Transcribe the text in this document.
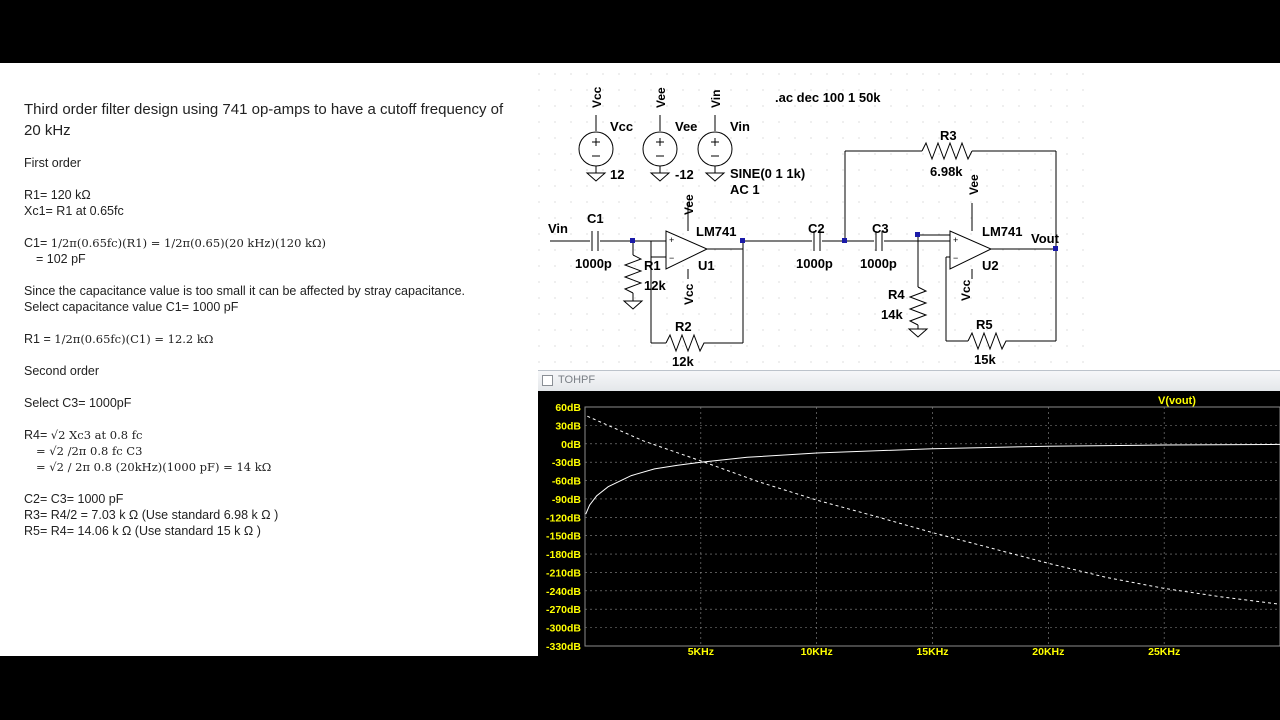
Third order filter design using 741 op-amps to have a cutoff frequency of 20 kHz
First order
R1= 120 kΩ
Xc1= R1 at 0.65fc
C1= 1/2π(0.65fc)(R1) = 1/2π(0.65)(20 kHz)(120 kΩ)
= 102 pF
Since the capacitance value is too small it can be affected by stray capacitance.
Select capacitance value C1= 1000 pF
R1 = 1/2π(0.65fc)(C1) = 12.2 kΩ
Second order
Select C3= 1000pF
R4= √2 Xc3 at 0.8 fc
= √2 /2π 0.8 fc C3
= √2 / 2π 0.8 (20kHz)(1000 pF) = 14 kΩ
C2= C3= 1000 pF
R3= R4/2 = 7.03 k Ω (Use standard 6.98 k Ω )
R5= R4= 14.06 k Ω (Use standard 15 k Ω )
.ac dec 100 1 50k
Vcc
Vcc
12
Vee
Vee
-12
Vin
Vin
SINE(0 1 1k)
AC 1
Vin
C1
1000p R1
12k
R2
12k
+
−
LM741
U1
Vee
Vcc
C2
1000p
C3
1000p
R3
6.98k
R4
14k
R5
15k
+
−
LM741
U2
Vee
Vcc
Vout
TOHPF
V(vout)
60dB
30dB
0dB
-30dB
-60dB
-90dB
-120dB
-150dB
-180dB
-210dB
-240dB
-270dB
-300dB
-330dB	5KHz	10KHz	15KHz	20KHz	25KHz
